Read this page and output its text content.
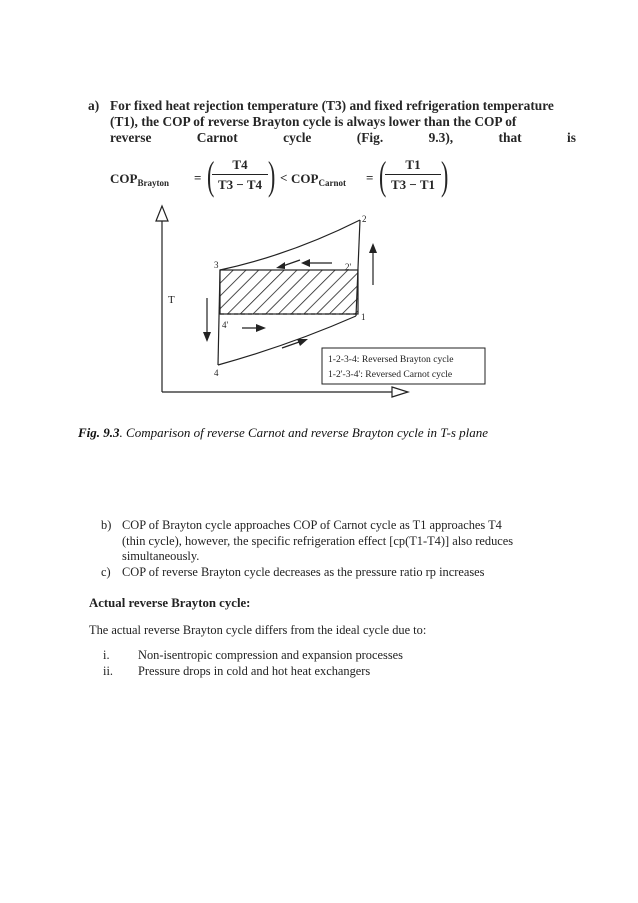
a) For fixed heat rejection temperature (T3) and fixed refrigeration temperature
(T1), the COP of reverse Brayton cycle is always lower than the COP of
reverse	Carnot	cycle	(Fig.	9.3),	that	is
$COP_{Brayton}$ = (	T4
T3 − T4 ) < $COP_{Carnot}$ = (	T1
T3 − T1 )
T
2
2'
1
3
4'
4
1-2-3-4: Reversed Brayton cycle
1-2'-3-4': Reversed Carnot cycle
Fig. 9.3. Comparison of reverse Carnot and reverse Brayton cycle in T-s plane
b) COP of Brayton cycle approaches COP of Carnot cycle as T1 approaches T4 (thin cycle), however, the specific refrigeration effect [cp(T1-T4)] also reduces simultaneously.
c) COP of reverse Brayton cycle decreases as the pressure ratio rp increases
Actual reverse Brayton cycle:
The actual reverse Brayton cycle differs from the ideal cycle due to:
i. Non-isentropic compression and expansion processes
ii. Pressure drops in cold and hot heat exchangers
